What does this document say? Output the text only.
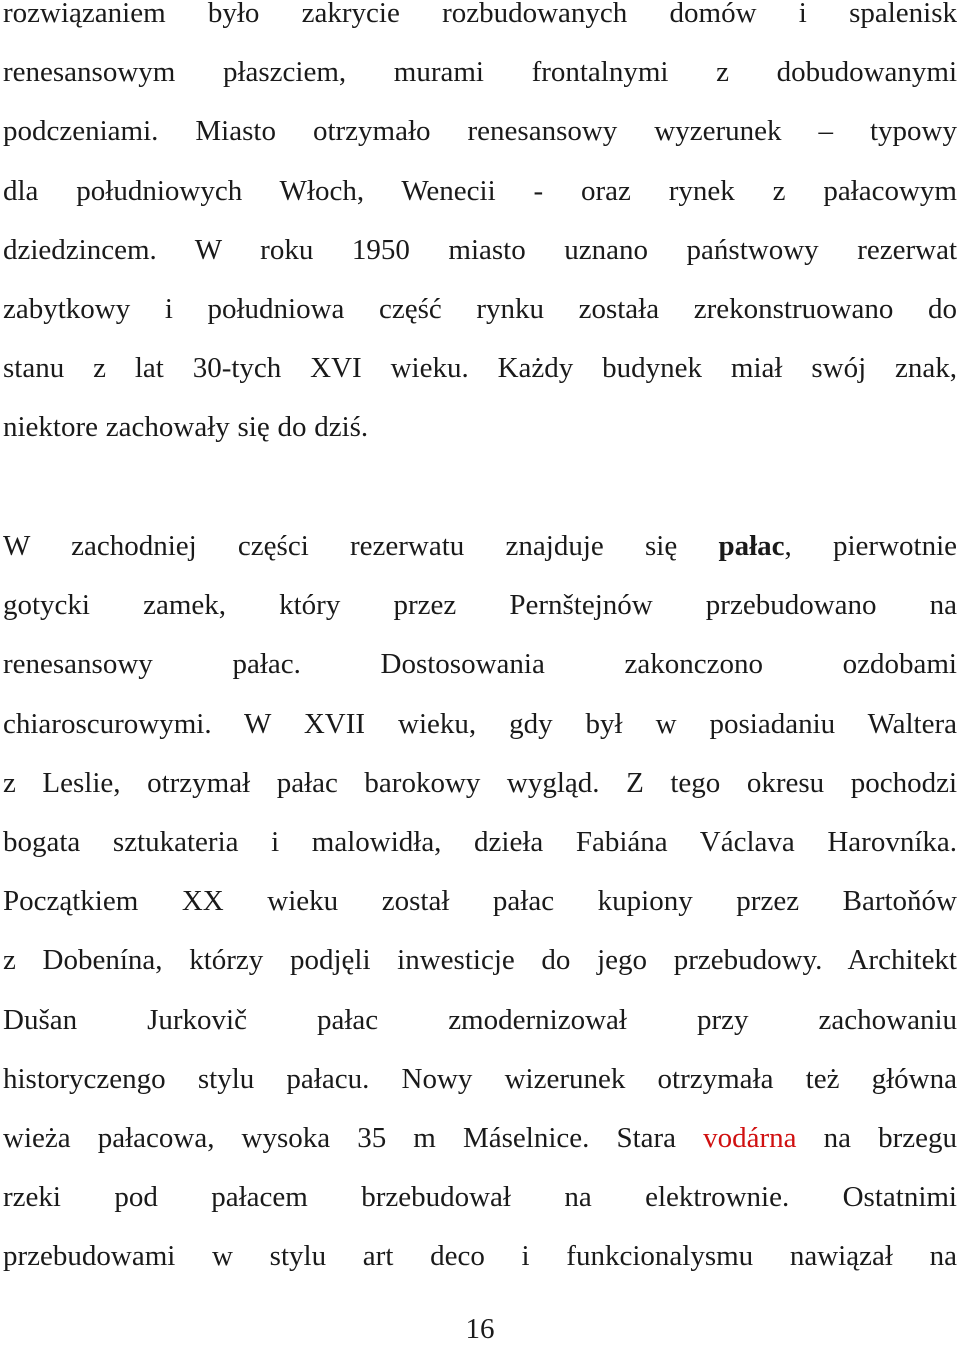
rozwiązaniem było zakrycie rozbudowanych domów i spalenisk
renesansowym płaszciem, murami frontalnymi z dobudowanymi
podczeniami. Miasto otrzymało renesansowy wyzerunek – typowy
dla południowych Włoch, Wenecii - oraz rynek z pałacowym
dziedzincem. W roku 1950 miasto uznano państwowy rezerwat
zabytkowy i południowa część rynku została zrekonstruowano do
stanu z lat 30-tych XVI wieku. Każdy budynek miał swój znak,
niektore zachowały się do dziś.
W zachodniej części rezerwatu znajduje się pałac, pierwotnie
gotycki zamek, który przez Pernštejnów przebudowano na
renesansowy pałac. Dostosowania zakonczono ozdobami
chiaroscurowymi. W XVII wieku, gdy był w posiadaniu Waltera
z Leslie, otrzymał pałac barokowy wygląd. Z tego okresu pochodzi
bogata sztukateria i malowidła, dzieła Fabiána Václava Harovníka.
Początkiem XX wieku został pałac kupiony przez Bartoňów
z Dobenína, którzy podjęli inwesticje do jego przebudowy. Architekt
Dušan Jurkovič pałac zmodernizował przy zachowaniu
historyczengo stylu pałacu. Nowy wizerunek otrzymała też główna
wieża pałacowa, wysoka 35 m Máselnice. Stara vodárna na brzegu
rzeki pod pałacem brzebudował na elektrownie. Ostatnimi
przebudowami w stylu art deco i funkcionalysmu nawiązał na
16
